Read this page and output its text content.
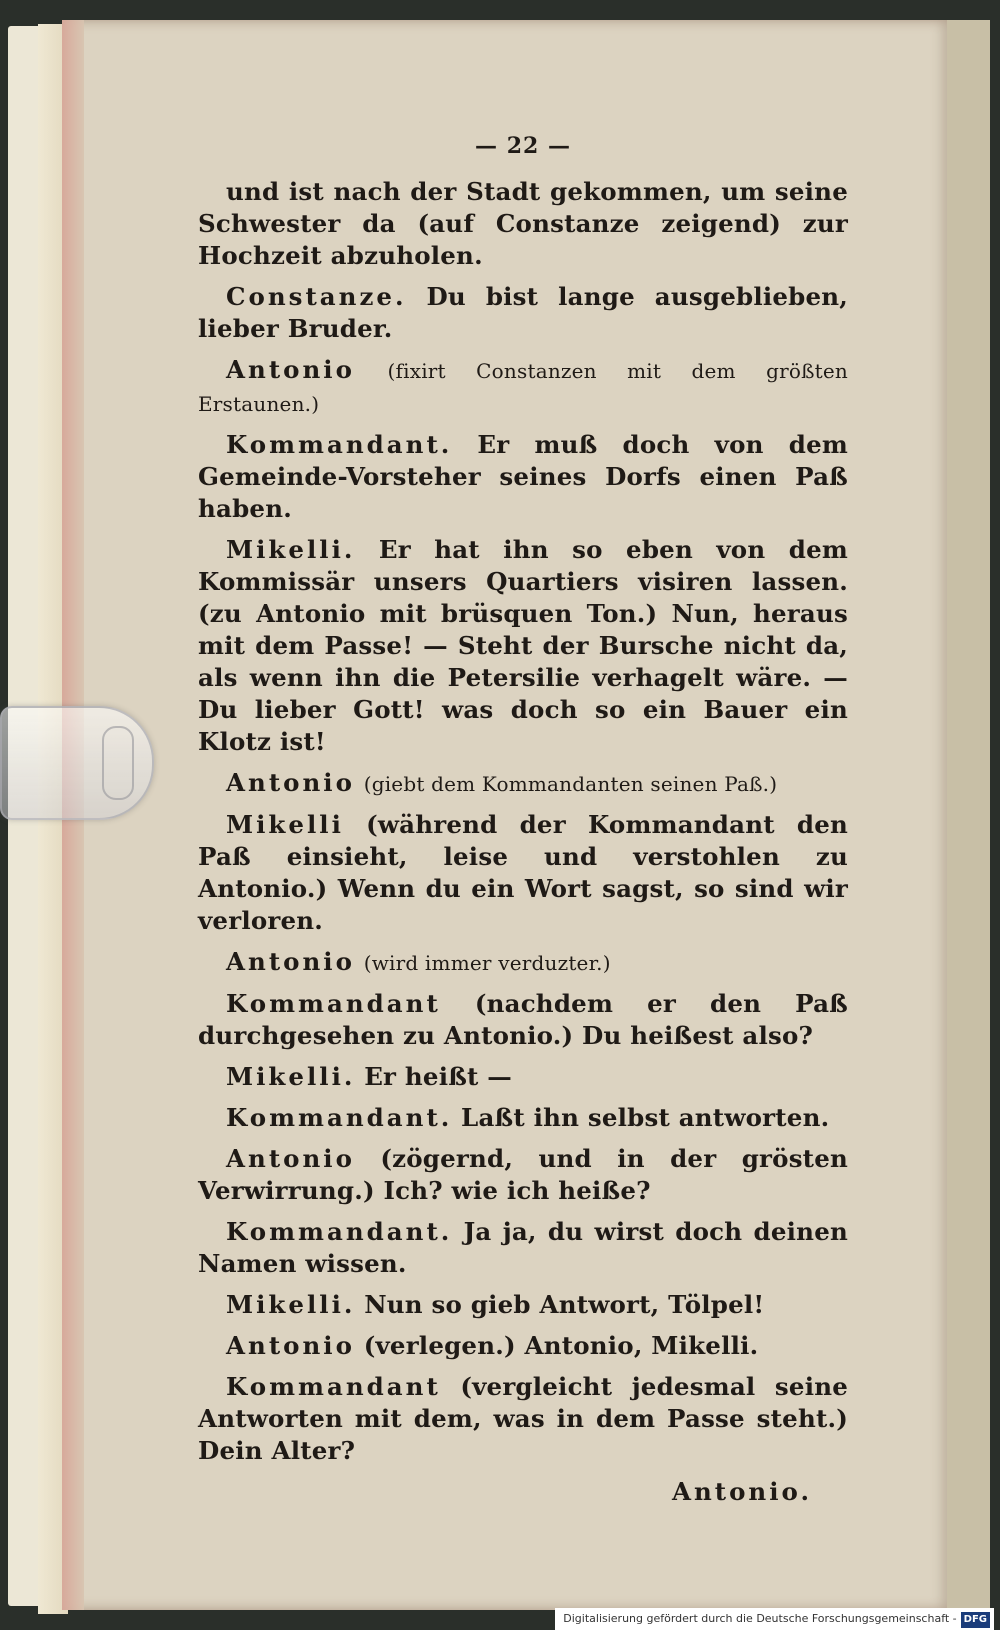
— 22 —

und ist nach der Stadt gekommen, um seine Schwester da (auf Constanze zeigend) zur Hochzeit abzuholen.

Constanze. Du bist lange ausgeblieben, lieber Bruder.

Antonio (fixirt Constanzen mit dem größten Erstaunen.)

Kommandant. Er muß doch von dem Gemeinde-Vorsteher seines Dorfs einen Paß haben.

Mikelli. Er hat ihn so eben von dem Kommissär unsers Quartiers visiren lassen. (zu Antonio mit brüsquen Ton.) Nun, heraus mit dem Passe! — Steht der Bursche nicht da, als wenn ihn die Petersilie verhagelt wäre. — Du lieber Gott! was doch so ein Bauer ein Klotz ist!

Antonio (giebt dem Kommandanten seinen Paß.)

Mikelli (während der Kommandant den Paß einsieht, leise und verstohlen zu Antonio.) Wenn du ein Wort sagst, so sind wir verloren.

Antonio (wird immer verduzter.)

Kommandant (nachdem er den Paß durchgesehen zu Antonio.) Du heißest also?

Mikelli. Er heißt —

Kommandant. Laßt ihn selbst antworten.

Antonio (zögernd, und in der grösten Verwirrung.) Ich? wie ich heiße?

Kommandant. Ja ja, du wirst doch deinen Namen wissen.

Mikelli. Nun so gieb Antwort, Tölpel!

Antonio (verlegen.) Antonio, Mikelli.

Kommandant (vergleicht jedesmal seine Antworten mit dem, was in dem Passe steht.) Dein Alter?

Antonio.
Digitalisierung gefördert durch die Deutsche Forschungsgemeinschaft - DFG
